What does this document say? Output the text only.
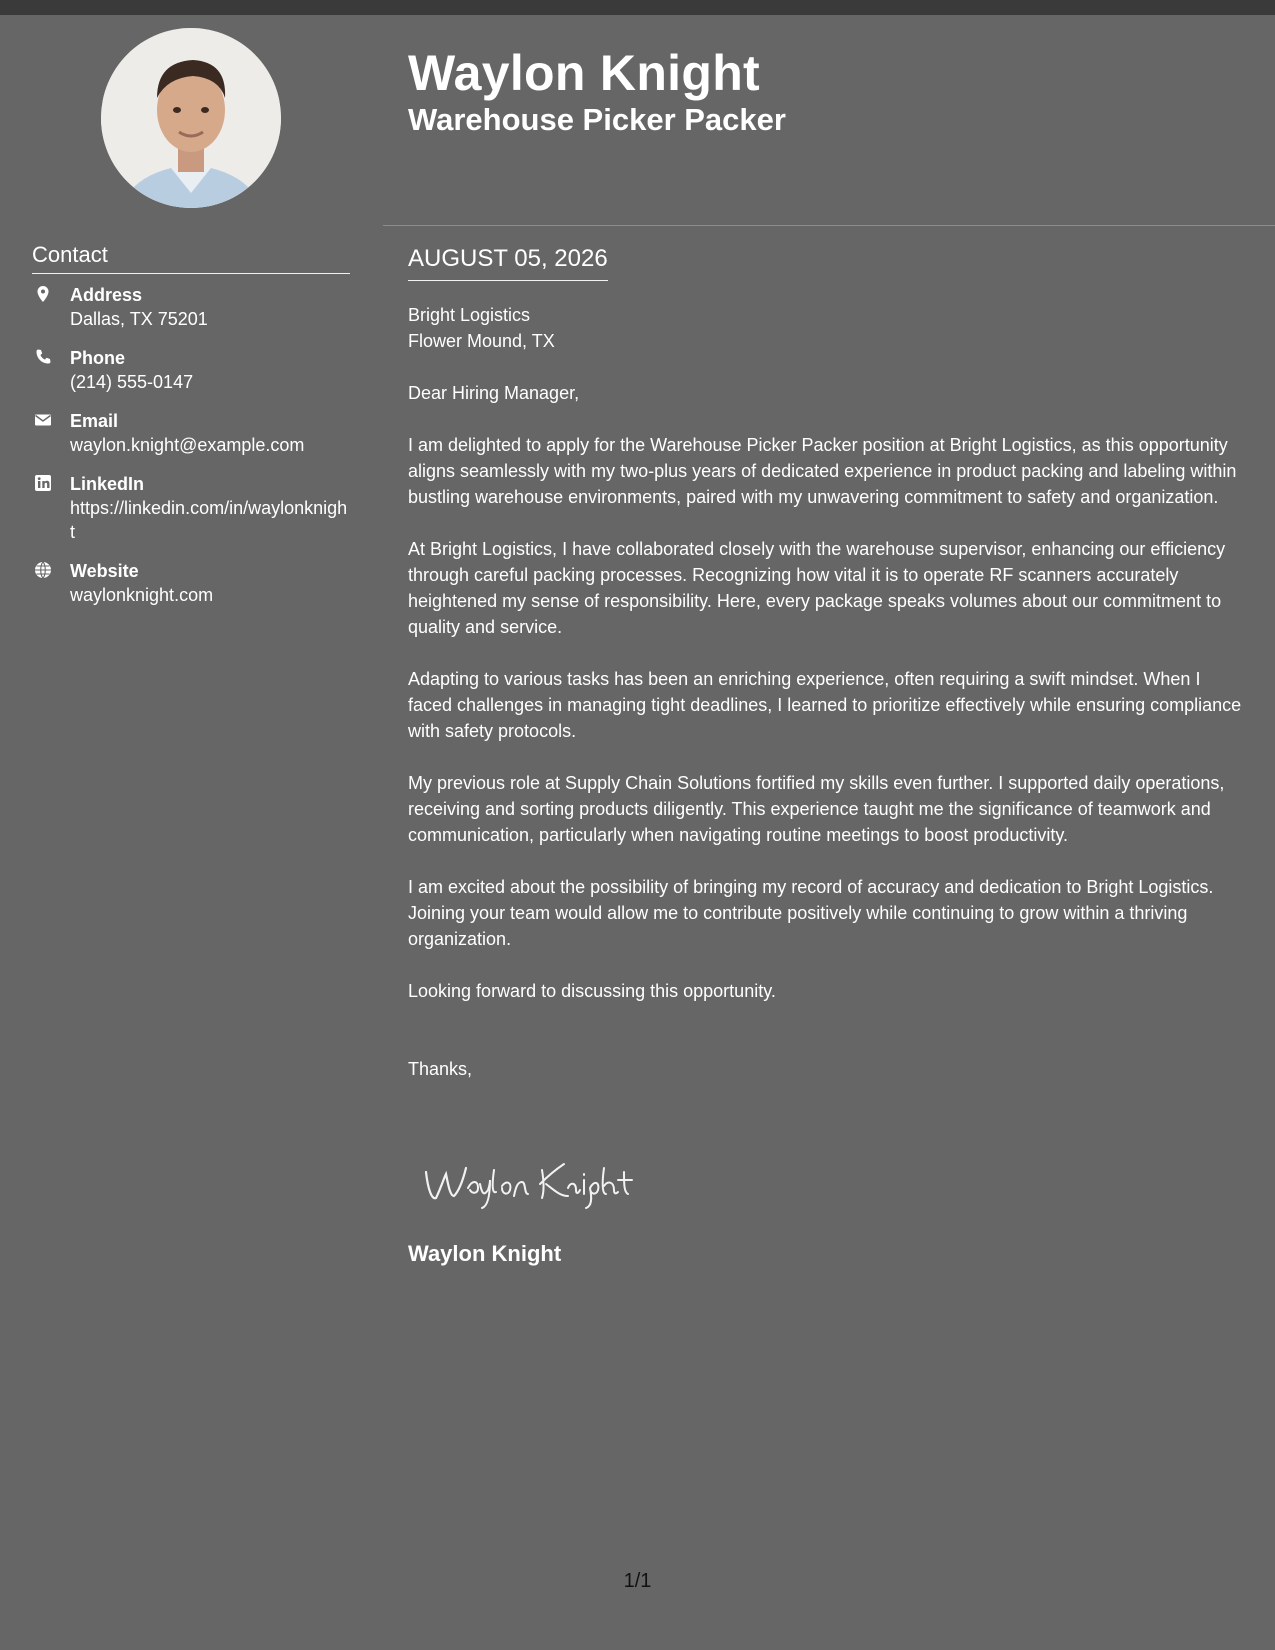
Contact
Address
Dallas, TX 75201
Phone
(214) 555-0147
Email
waylon.knight@example.com
LinkedIn
https://linkedin.com/in/waylonknight
Website
waylonknight.com
Waylon Knight
Warehouse Picker Packer
AUGUST 05, 2026

Bright Logistics

Flower Mound, TX

Dear Hiring Manager,

I am delighted to apply for the Warehouse Picker Packer position at Bright Logistics, as this opportunity aligns seamlessly with my two-plus years of dedicated experience in product packing and labeling within bustling warehouse environments, paired with my unwavering commitment to safety and organization.

At Bright Logistics, I have collaborated closely with the warehouse supervisor, enhancing our efficiency through careful packing processes. Recognizing how vital it is to operate RF scanners accurately heightened my sense of responsibility. Here, every package speaks volumes about our commitment to quality and service.

Adapting to various tasks has been an enriching experience, often requiring a swift mindset. When I faced challenges in managing tight deadlines, I learned to prioritize effectively while ensuring compliance with safety protocols.

My previous role at Supply Chain Solutions fortified my skills even further. I supported daily operations, receiving and sorting products diligently. This experience taught me the significance of teamwork and communication, particularly when navigating routine meetings to boost productivity.

I am excited about the possibility of bringing my record of accuracy and dedication to Bright Logistics. Joining your team would allow me to contribute positively while continuing to grow within a thriving organization.

Looking forward to discussing this opportunity.

Thanks,

Waylon Knight
1/1
